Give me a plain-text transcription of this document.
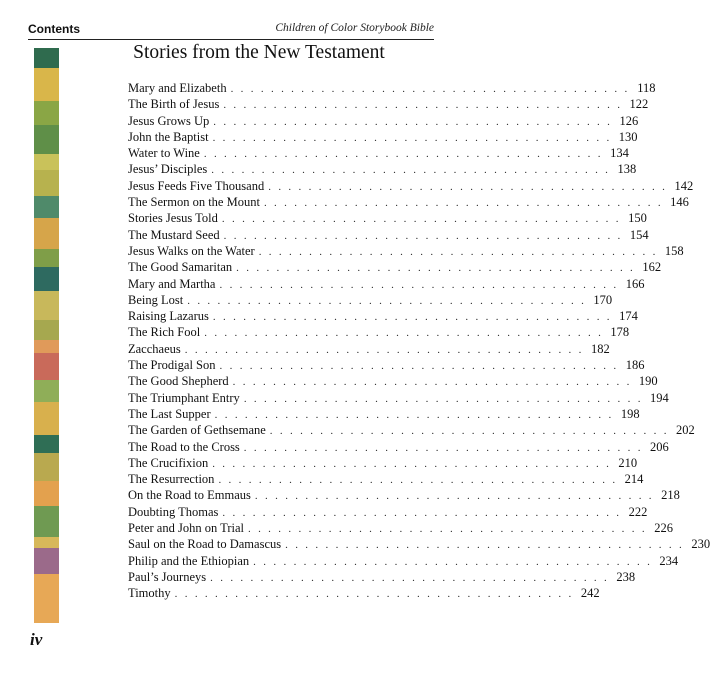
Contents	Children of Color Storybook Bible
Stories from the New Testament
Mary and Elizabeth . . . . . . . . . . . . . . . . . . . . . . . . . . . . . . . . . . . . . . . . 118
The Birth of Jesus . . . . . . . . . . . . . . . . . . . . . . . . . . . . . . . . . . . . . . . . 122
Jesus Grows Up . . . . . . . . . . . . . . . . . . . . . . . . . . . . . . . . . . . . . . . . 126
John the Baptist . . . . . . . . . . . . . . . . . . . . . . . . . . . . . . . . . . . . . . . . 130
Water to Wine . . . . . . . . . . . . . . . . . . . . . . . . . . . . . . . . . . . . . . . . 134
Jesus’ Disciples . . . . . . . . . . . . . . . . . . . . . . . . . . . . . . . . . . . . . . . . 138
Jesus Feeds Five Thousand . . . . . . . . . . . . . . . . . . . . . . . . . . . . . . . . . . . . . . . . 142
The Sermon on the Mount . . . . . . . . . . . . . . . . . . . . . . . . . . . . . . . . . . . . . . . . 146
Stories Jesus Told . . . . . . . . . . . . . . . . . . . . . . . . . . . . . . . . . . . . . . . . 150
The Mustard Seed . . . . . . . . . . . . . . . . . . . . . . . . . . . . . . . . . . . . . . . . 154
Jesus Walks on the Water . . . . . . . . . . . . . . . . . . . . . . . . . . . . . . . . . . . . . . . . 158
The Good Samaritan . . . . . . . . . . . . . . . . . . . . . . . . . . . . . . . . . . . . . . . . 162
Mary and Martha . . . . . . . . . . . . . . . . . . . . . . . . . . . . . . . . . . . . . . . . 166
Being Lost . . . . . . . . . . . . . . . . . . . . . . . . . . . . . . . . . . . . . . . . 170
Raising Lazarus . . . . . . . . . . . . . . . . . . . . . . . . . . . . . . . . . . . . . . . . 174
The Rich Fool . . . . . . . . . . . . . . . . . . . . . . . . . . . . . . . . . . . . . . . . 178
Zacchaeus . . . . . . . . . . . . . . . . . . . . . . . . . . . . . . . . . . . . . . . . 182
The Prodigal Son . . . . . . . . . . . . . . . . . . . . . . . . . . . . . . . . . . . . . . . . 186
The Good Shepherd . . . . . . . . . . . . . . . . . . . . . . . . . . . . . . . . . . . . . . . . 190
The Triumphant Entry . . . . . . . . . . . . . . . . . . . . . . . . . . . . . . . . . . . . . . . . 194
The Last Supper . . . . . . . . . . . . . . . . . . . . . . . . . . . . . . . . . . . . . . . . 198
The Garden of Gethsemane . . . . . . . . . . . . . . . . . . . . . . . . . . . . . . . . . . . . . . . . 202
The Road to the Cross . . . . . . . . . . . . . . . . . . . . . . . . . . . . . . . . . . . . . . . . 206
The Crucifixion . . . . . . . . . . . . . . . . . . . . . . . . . . . . . . . . . . . . . . . . 210
The Resurrection . . . . . . . . . . . . . . . . . . . . . . . . . . . . . . . . . . . . . . . . 214
On the Road to Emmaus . . . . . . . . . . . . . . . . . . . . . . . . . . . . . . . . . . . . . . . . 218
Doubting Thomas . . . . . . . . . . . . . . . . . . . . . . . . . . . . . . . . . . . . . . . . 222
Peter and John on Trial . . . . . . . . . . . . . . . . . . . . . . . . . . . . . . . . . . . . . . . . 226
Saul on the Road to Damascus . . . . . . . . . . . . . . . . . . . . . . . . . . . . . . . . . . . . . . . . 230
Philip and the Ethiopian . . . . . . . . . . . . . . . . . . . . . . . . . . . . . . . . . . . . . . . . 234
Paul’s Journeys . . . . . . . . . . . . . . . . . . . . . . . . . . . . . . . . . . . . . . . . 238
Timothy . . . . . . . . . . . . . . . . . . . . . . . . . . . . . . . . . . . . . . . . 242
iv
